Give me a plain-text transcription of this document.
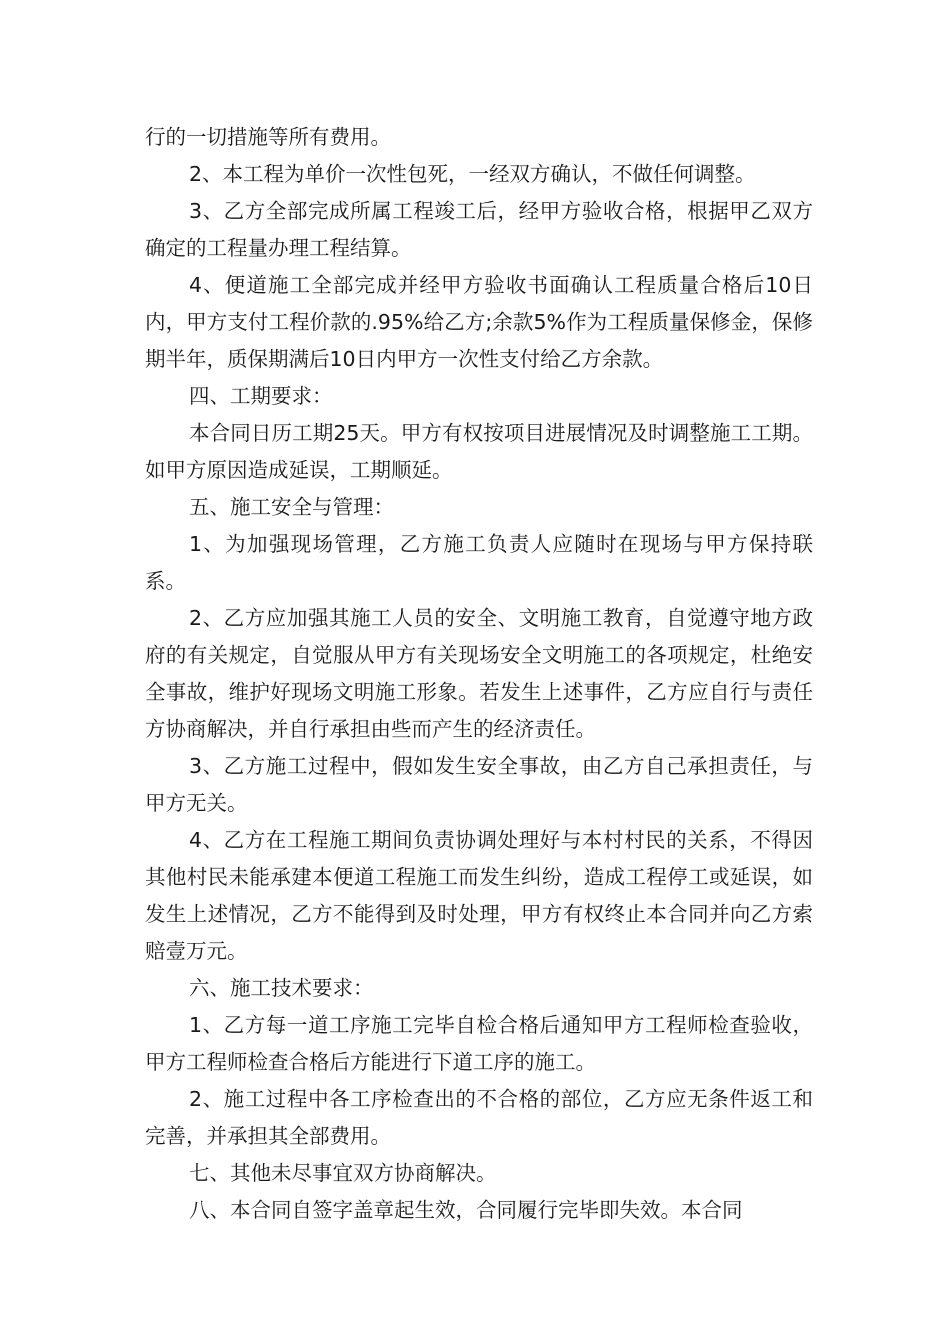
行的一切措施等所有费用。

2、本工程为单价一次性包死，一经双方确认，不做任何调整。

3、乙方全部完成所属工程竣工后，经甲方验收合格，根据甲乙双方确定的工程量办理工程结算。

4、便道施工全部完成并经甲方验收书面确认工程质量合格后10日内，甲方支付工程价款的.95%给乙方;余款5%作为工程质量保修金，保修期半年，质保期满后10日内甲方一次性支付给乙方余款。

四、工期要求：

本合同日历工期25天。甲方有权按项目进展情况及时调整施工工期。如甲方原因造成延误，工期顺延。

五、施工安全与管理：

1、为加强现场管理，乙方施工负责人应随时在现场与甲方保持联系。

2、乙方应加强其施工人员的安全、文明施工教育，自觉遵守地方政府的有关规定，自觉服从甲方有关现场安全文明施工的各项规定，杜绝安全事故，维护好现场文明施工形象。若发生上述事件，乙方应自行与责任方协商解决，并自行承担由些而产生的经济责任。

3、乙方施工过程中，假如发生安全事故，由乙方自己承担责任，与甲方无关。

4、乙方在工程施工期间负责协调处理好与本村村民的关系，不得因其他村民未能承建本便道工程施工而发生纠纷，造成工程停工或延误，如发生上述情况，乙方不能得到及时处理，甲方有权终止本合同并向乙方索赔壹万元。

六、施工技术要求：

1、乙方每一道工序施工完毕自检合格后通知甲方工程师检查验收，甲方工程师检查合格后方能进行下道工序的施工。

2、施工过程中各工序检查出的不合格的部位，乙方应无条件返工和完善，并承担其全部费用。

七、其他未尽事宜双方协商解决。

八、本合同自签字盖章起生效，合同履行完毕即失效。本合同
